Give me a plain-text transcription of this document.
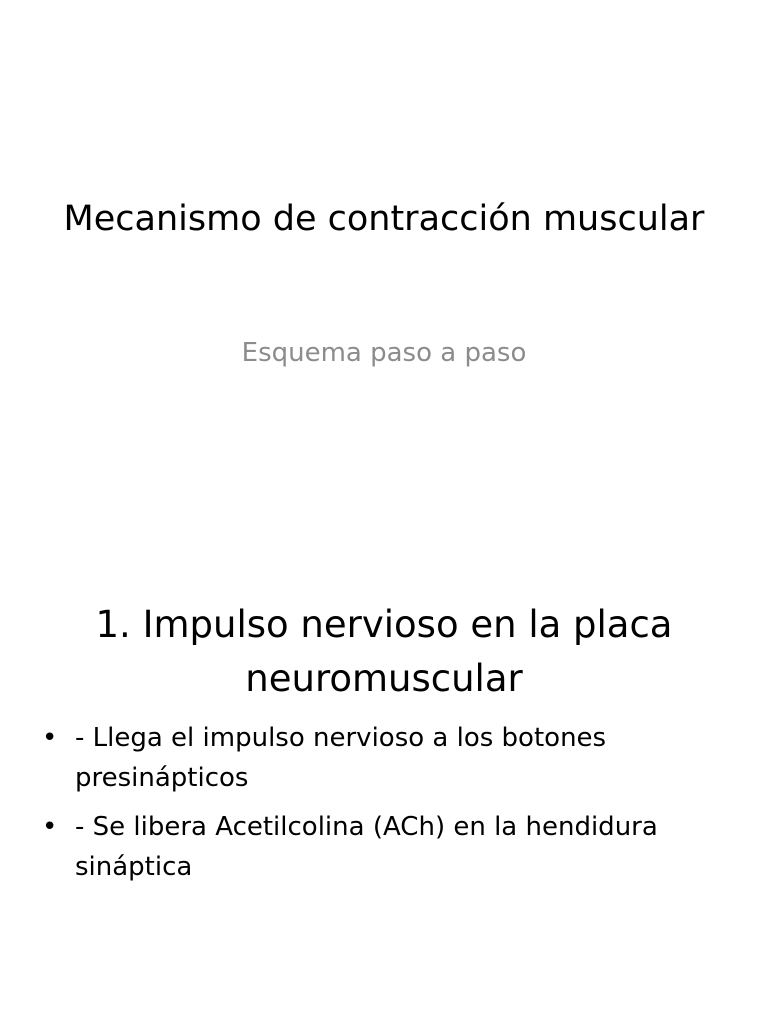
Mecanismo de contracción muscular

Esquema paso a paso

1. Impulso nervioso en la placa neuromuscular
• - Llega el impulso nervioso a los botones presinápticos
• - Se libera Acetilcolina (ACh) en la hendidura sináptica
